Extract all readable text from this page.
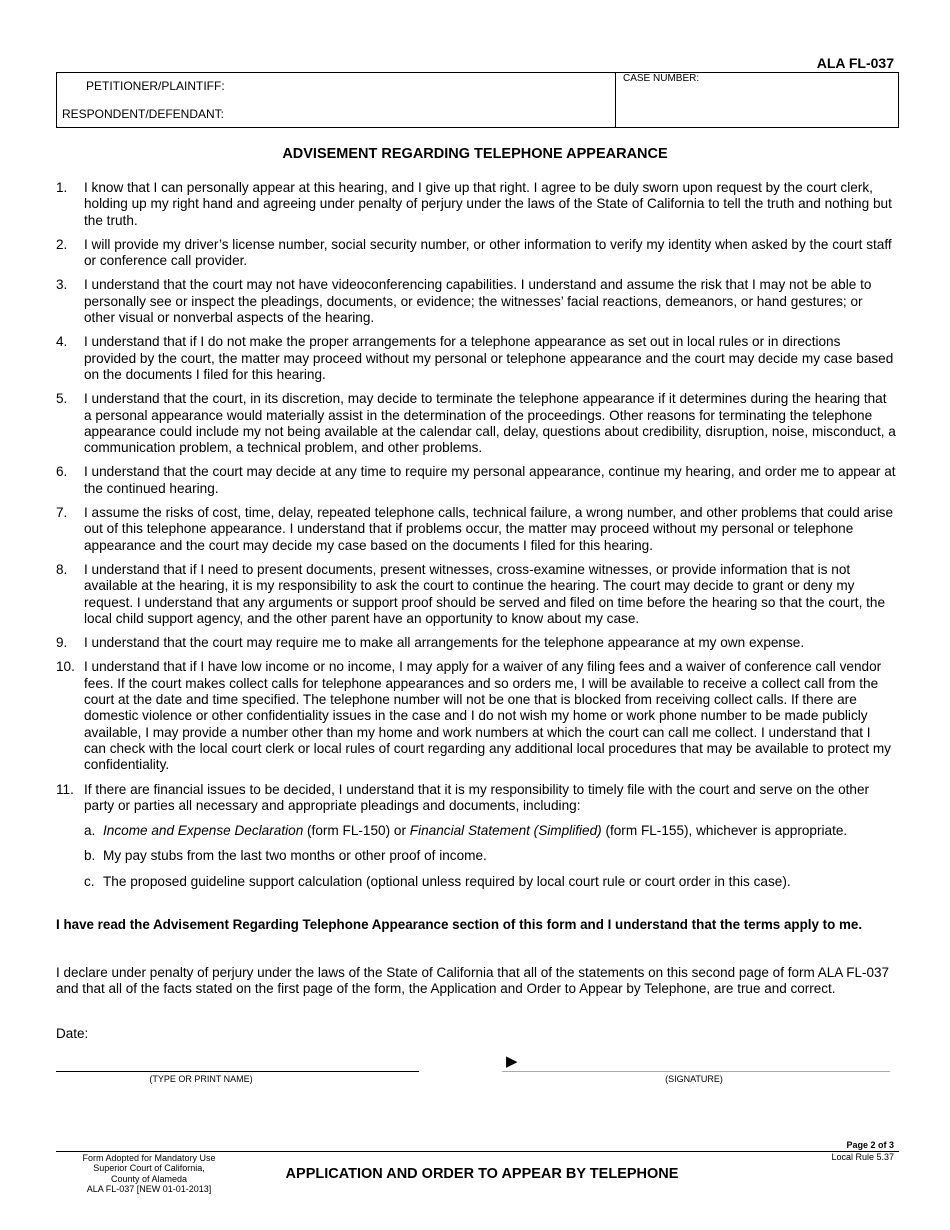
ALA FL-037
PETITIONER/PLAINTIFF:
RESPONDENT/DEFENDANT:
CASE NUMBER:
ADVISEMENT REGARDING TELEPHONE APPEARANCE
1. I know that I can personally appear at this hearing, and I give up that right. I agree to be duly sworn upon request by the court clerk, holding up my right hand and agreeing under penalty of perjury under the laws of the State of California to tell the truth and nothing but the truth.
2. I will provide my driver’s license number, social security number, or other information to verify my identity when asked by the court staff or conference call provider.
3. I understand that the court may not have videoconferencing capabilities. I understand and assume the risk that I may not be able to personally see or inspect the pleadings, documents, or evidence; the witnesses’ facial reactions, demeanors, or hand gestures; or other visual or nonverbal aspects of the hearing.
4. I understand that if I do not make the proper arrangements for a telephone appearance as set out in local rules or in directions provided by the court, the matter may proceed without my personal or telephone appearance and the court may decide my case based on the documents I filed for this hearing.
5. I understand that the court, in its discretion, may decide to terminate the telephone appearance if it determines during the hearing that a personal appearance would materially assist in the determination of the proceedings. Other reasons for terminating the telephone appearance could include my not being available at the calendar call, delay, questions about credibility, disruption, noise, misconduct, a communication problem, a technical problem, and other problems.
6. I understand that the court may decide at any time to require my personal appearance, continue my hearing, and order me to appear at the continued hearing.
7. I assume the risks of cost, time, delay, repeated telephone calls, technical failure, a wrong number, and other problems that could arise out of this telephone appearance. I understand that if problems occur, the matter may proceed without my personal or telephone appearance and the court may decide my case based on the documents I filed for this hearing.
8. I understand that if I need to present documents, present witnesses, cross-examine witnesses, or provide information that is not available at the hearing, it is my responsibility to ask the court to continue the hearing. The court may decide to grant or deny my request. I understand that any arguments or support proof should be served and filed on time before the hearing so that the court, the local child support agency, and the other parent have an opportunity to know about my case.
9. I understand that the court may require me to make all arrangements for the telephone appearance at my own expense.
10. I understand that if I have low income or no income, I may apply for a waiver of any filing fees and a waiver of conference call vendor fees. If the court makes collect calls for telephone appearances and so orders me, I will be available to receive a collect call from the court at the date and time specified. The telephone number will not be one that is blocked from receiving collect calls. If there are domestic violence or other confidentiality issues in the case and I do not wish my home or work phone number to be made publicly available, I may provide a number other than my home and work numbers at which the court can call me collect. I understand that I can check with the local court clerk or local rules of court regarding any additional local procedures that may be available to protect my confidentiality.
11. If there are financial issues to be decided, I understand that it is my responsibility to timely file with the court and serve on the other party or parties all necessary and appropriate pleadings and documents, including:
a. Income and Expense Declaration (form FL-150) or Financial Statement (Simplified) (form FL-155), whichever is appropriate.
b. My pay stubs from the last two months or other proof of income.
c. The proposed guideline support calculation (optional unless required by local court rule or court order in this case).
I have read the Advisement Regarding Telephone Appearance section of this form and I understand that the terms apply to me.
I declare under penalty of perjury under the laws of the State of California that all of the statements on this second page of form ALA FL-037 and that all of the facts stated on the first page of the form, the Application and Order to Appear by Telephone, are true and correct.
Date:
(TYPE OR PRINT NAME)
▶
(SIGNATURE)
Page 2 of 3
Local Rule 5.37
Form Adopted for Mandatory Use
Superior Court of California,
County of Alameda
ALA FL-037 [NEW 01-01-2013]
APPLICATION AND ORDER TO APPEAR BY TELEPHONE
